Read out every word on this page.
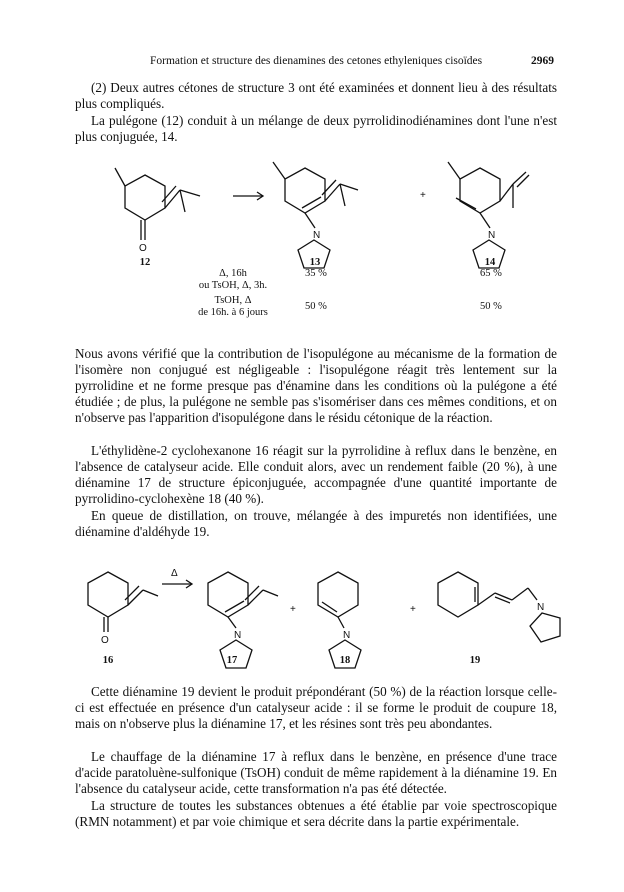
Formation et structure des dienamines des cetones ethyleniques cisoïdes	2969

(2) Deux autres cétones de structure 3 ont été examinées et donnent lieu à des résultats plus compliqués.

La pulégone (12) conduit à un mélange de deux pyrrolidinodiénamines dont l'une n'est plus conjuguée, 14.

O
N
+
N
12	13	14
Δ, 16h
ou TsOH, Δ, 3h.
35 %	65 %
TsOH, Δ
de 16h. à 6 jours
50 %	50 %

Nous avons vérifié que la contribution de l'isopulégone au mécanisme de la formation de l'isomère non conjugué est négligeable : l'isopulégone réagit très lentement sur la pyrrolidine et ne forme presque pas d'énamine dans les conditions où la pulégone a été étudiée ; de plus, la pulégone ne semble pas s'isomériser dans ces mêmes conditions, et on n'observe pas l'apparition d'isopulégone dans le résidu cétonique de la réaction.

L'éthylidène-2 cyclohexanone 16 réagit sur la pyrrolidine à reflux dans le benzène, en l'absence de catalyseur acide. Elle conduit alors, avec un rendement faible (20 %), à une diénamine 17 de structure épiconjuguée, accompagnée d'une quantité importante de pyrrolidino-cyclohexène 18 (40 %).

En queue de distillation, on trouve, mélangée à des impuretés non identifiées, une diénamine d'aldéhyde 19.

O
Δ
N
+
N
+	N
16	17	18	19

Cette diénamine 19 devient le produit prépondérant (50 %) de la réaction lorsque celle-ci est effectuée en présence d'un catalyseur acide : il se forme le produit de coupure 18, mais on n'observe plus la diénamine 17, et les résines sont très peu abondantes.

Le chauffage de la diénamine 17 à reflux dans le benzène, en présence d'une trace d'acide paratoluène-sulfonique (TsOH) conduit de même rapidement à la diénamine 19. En l'absence du catalyseur acide, cette transformation n'a pas été détectée.

La structure de toutes les substances obtenues a été établie par voie spectroscopique (RMN notamment) et par voie chimique et sera décrite dans la partie expérimentale.
